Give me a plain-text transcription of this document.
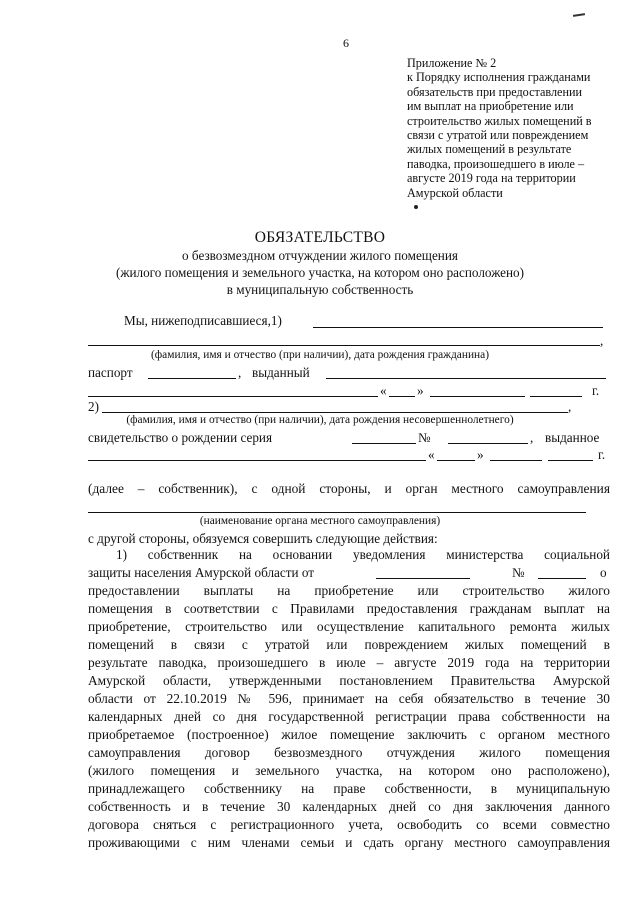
6
Приложение № 2
к Порядку исполнения гражданами
обязательств при предоставлении
им выплат на приобретение или
строительство жилых помещений в
связи с утратой или повреждением
жилых помещений в результате
паводка, произошедшего в июле –
августе 2019 года на территории
Амурской области
ОБЯЗАТЕЛЬСТВО
о безвозмездном отчуждении жилого помещения
(жилого помещения и земельного участка, на котором оно расположено)
в муниципальную собственность
Мы, нижеподписавшиеся,1)
,
(фамилия, имя и отчество (при наличии), дата рождения гражданина)
паспорт	, выданный
« »	г.
2)	,
(фамилия, имя и отчество (при наличии), дата рождения несовершеннолетнего)
свидетельство о рождении серия	№	, выданное
«	»	г.
(далее – собственник), с одной стороны, и орган местного самоуправления
(наименование органа местного самоуправления)
с другой стороны, обязуемся совершить следующие действия:
1) собственник на основании уведомления министерства социальной
защиты населения Амурской области от	№	о
предоставлении выплаты на приобретение или строительство жилого
помещения в соответствии с Правилами предоставления гражданам выплат на
приобретение, строительство или осуществление капитального ремонта жилых
помещений в связи с утратой или повреждением жилых помещений в
результате паводка, произошедшего в июле – августе 2019 года на территории
Амурской области, утвержденными постановлением Правительства Амурской
области от 22.10.2019 № 596, принимает на себя обязательство в течение 30
календарных дней со дня государственной регистрации права собственности на
приобретаемое (построенное) жилое помещение заключить с органом местного
самоуправления договор безвозмездного отчуждения жилого помещения
(жилого помещения и земельного участка, на котором оно расположено),
принадлежащего собственнику на праве собственности, в муниципальную
собственность и в течение 30 календарных дней со дня заключения данного
договора сняться с регистрационного учета, освободить со всеми совместно
проживающими с ним членами семьи и сдать органу местного самоуправления
